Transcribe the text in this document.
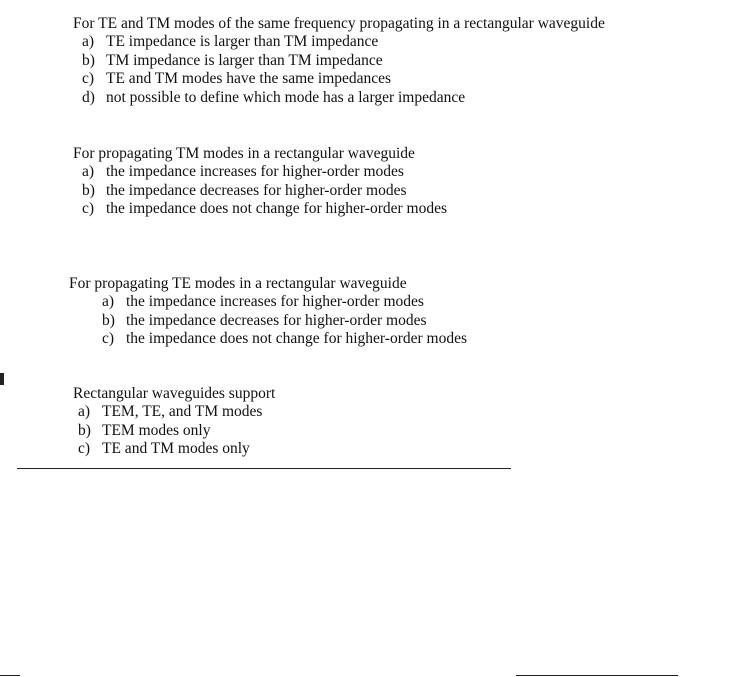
For TE and TM modes of the same frequency propagating in a rectangular waveguide
a) TE impedance is larger than TM impedance
b) TM impedance is larger than TM impedance
c) TE and TM modes have the same impedances
d) not possible to define which mode has a larger impedance
For propagating TM modes in a rectangular waveguide
a) the impedance increases for higher-order modes
b) the impedance decreases for higher-order modes
c) the impedance does not change for higher-order modes
For propagating TE modes in a rectangular waveguide
a) the impedance increases for higher-order modes
b) the impedance decreases for higher-order modes
c) the impedance does not change for higher-order modes
Rectangular waveguides support
a) TEM, TE, and TM modes
b) TEM modes only
c) TE and TM modes only
